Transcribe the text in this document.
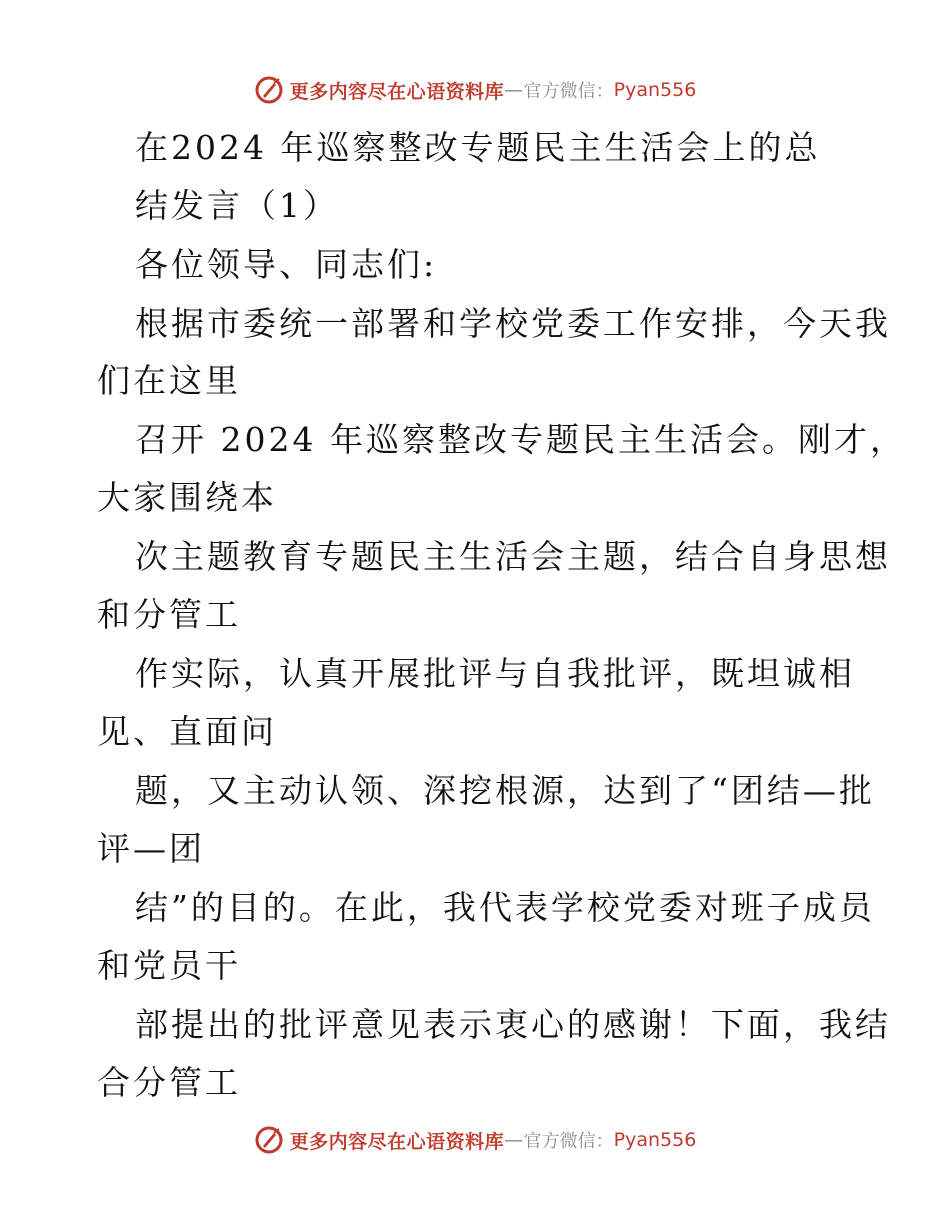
更多内容尽在心语资料库 — 官方微信： Pyan556
在2024 年巡察整改专题民主生活会上的总
结发言（1）
各位领导、同志们:
根据市委统一部署和学校党委工作安排，今天我
们在这里
召开 2024 年巡察整改专题民主生活会。刚才，
大家围绕本
次主题教育专题民主生活会主题，结合自身思想
和分管工
作实际，认真开展批评与自我批评，既坦诚相
见、直面问
题，又主动认领、深挖根源，达到了“团结—批
评—团
结”的目的。在此，我代表学校党委对班子成员
和党员干
部提出的批评意见表示衷心的感谢！下面，我结
合分管工
更多内容尽在心语资料库 — 官方微信： Pyan556
